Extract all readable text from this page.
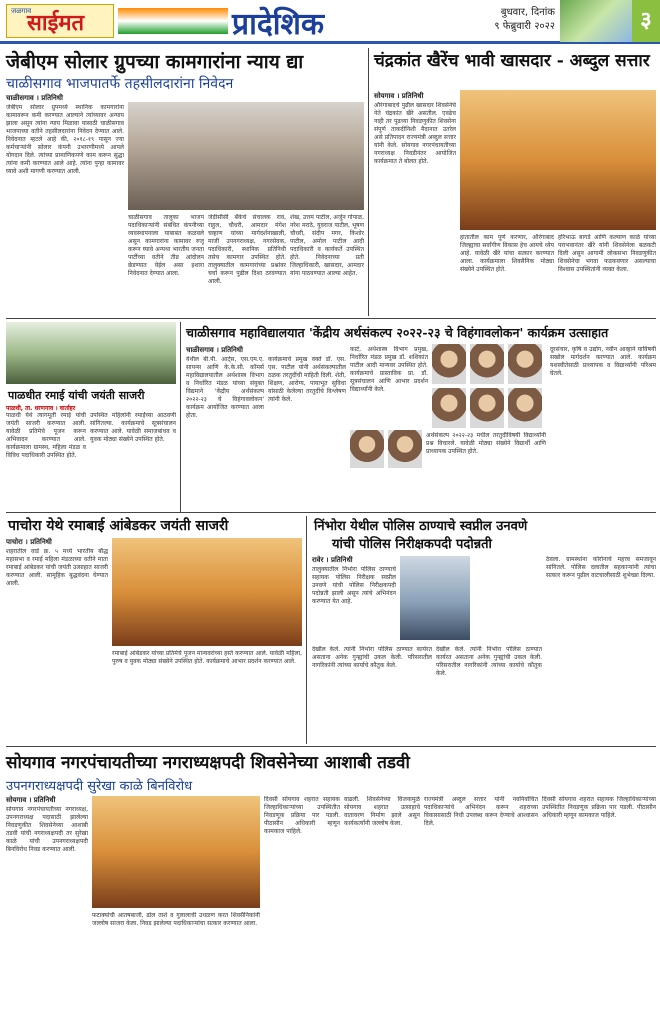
जळगाव
साईमत	प्रादेशिक	बुधवार, दिनांक
९ फेब्रुवारी २०२२	३
जेबीएम सोलार ग्रुपच्या कामगारांना न्याय द्या
चाळीसगाव भाजपातर्फे तहसीलदारांना निवेदन
चाळीसगाव । प्रतिनिधी
जेबीएम सोलार ग्रुपमध्ये स्थानिक कामगारांना कामावरून कमी करण्यात आल्याने त्यांच्यावर अन्याय झाला असून त्यांना न्याय मिळावा यासाठी चाळीसगाव भाजपाच्या वतीने तहसीलदारांना निवेदन देण्यात आले. निवेदनात म्हटले आहे की, २०१८-१९ पासून ज्या कर्मचाऱ्यांनी सोलार कंपनी उभारणीमध्ये आपले योगदान दिले. त्यांच्या प्रामाणिकपणे काम करून सुद्धा त्यांना कमी करण्यात आले आहे. त्यांना पुन्हा कामावर घ्यावे अशी मागणी करण्यात आली.
चाळीसगाव तालुका भाजप पदाधिकाऱ्यांनी संबंधित कंपनीच्या व्यवस्थापनाला याबाबत कळवले असून कामगारांना कामावर रुजू करून घ्यावे अन्यथा भारतीय जनता पार्टीच्या वतीने तीव्र आंदोलन छेडण्यात येईल असा इशारा निवेदनात देण्यात आला.
जेडीसीसी बँकेचे संचालक राव, राहुल, चौधरी, आमदार मंगेश चव्हाण यांच्या मार्गदर्शनाखाली, माजी उपनगराध्यक्ष, नगरसेवक, पदाधिकारी, स्थानिक प्रतिनिधी तसेच कामगार उपस्थित होते. तालुक्यातील कामगारांच्या प्रश्नांवर चर्चा करून पुढील दिशा ठरवण्यात आली.
शेख, उत्तम पाटील, अर्जुन गोपाळ, नरेश मराठे, युवराज पाटील, भूषण चौधरी, संदीप मगर, किशोर पाटील, अमोल पाटील आदी पदाधिकारी व कार्यकर्ते उपस्थित होते. निवेदनाच्या प्रती जिल्हाधिकारी, खासदार, आमदार यांना पाठवण्यात आल्या आहेत.
चंद्रकांत खैरेंच भावी खासदार - अब्दुल सत्तार
सोयगाव । प्रतिनिधी
औरंगाबादचे पुढील खासदार शिवसेनेचे नेते चंद्रकांत खैरे असतील. एवढेच नाही तर पुढच्या निवडणुकीत शिवसेना संपूर्ण ताकदीनिशी मैदानात उतरेल असे प्रतिपादन राज्यमंत्री अब्दुल सत्तार यांनी केले. सोयगाव नगरपंचायतीच्या नगराध्यक्ष निवडीनंतर आयोजित कार्यक्रमात ते बोलत होते.
हातातील काम पूर्ण करणार, औरंगाबाद जिल्ह्याचा सर्वांगीण विकास हेच आमचे ध्येय आहे. यावेळी खैरे यांचा सत्कार करण्यात आला. कार्यक्रमाला शिवसैनिक मोठ्या संख्येने उपस्थित होते.
हरिभाऊ बागडे आणि कल्याण काळे यांच्या पराभवानंतर खैरे यांनी शिवसेनेला बळकटी दिली असून आगामी लोकसभा निवडणुकीत शिवसेनेचा भगवा फडकवणार असल्याचा विश्वास उपस्थितांनी व्यक्त केला.
पाळधीत रमाई यांची जयंती साजरी
पाळधी, ता. धरणगाव । वार्ताहर
पाळधी येथे त्यागमूर्ती रमाई यांची जयंती साजरी करण्यात आली. यावेळी प्रतिमेचे पूजन करून अभिवादन करण्यात आले. कार्यक्रमाला ग्रामस्थ, महिला मंडळ व विविध पदाधिकारी उपस्थित होते.
उपस्थित महिलांनी रमाईंच्या आठवणी सांगितल्या. कार्यक्रमाचे सूत्रसंचालन करण्यात आले. यावेळी समाजबांधव व युवक मोठ्या संख्येने उपस्थित होते.
चाळीसगाव महाविद्यालयात 'केंद्रीय अर्थसंकल्प २०२२-२३ चे विहंगावलोकन' कार्यक्रम उत्साहात
चाळीसगाव । प्रतिनिधी
येथील बी.पी. आर्ट्स, एस.एम.ए. सायन्स आणि के.के.सी. कॉमर्स महाविद्यालयातील अर्थशास्त्र विभाग व निर्धारित मंडळ यांच्या संयुक्त विद्यमाने 'केंद्रीय अर्थसंकल्प २०२२-२३ चे विहंगावलोकन' कार्यक्रम आयोजित करण्यात आला होता.
कार्यक्रमाचे प्रमुख वक्ते डॉ. एस. एस. पाटील यांनी अर्थसंकल्पातील ठळक तरतुदींची माहिती दिली. शेती, शिक्षण, आरोग्य, पायाभूत सुविधा यांसाठी केलेल्या तरतुदींचे विश्लेषण त्यांनी केले.
काटे, अर्थशास्त्र विभाग प्रमुख, निर्धारित मंडळ प्रमुख डॉ. शशिकांत पाटील आदी मान्यवर उपस्थित होते. कार्यक्रमाचे प्रास्ताविक प्रा. डॉ. सूत्रसंचालन आणि आभार प्रदर्शन विद्यार्थ्यांनी केले.
अर्थसंकल्प २०२२-२३ मधील तरतुदींविषयी विद्यार्थ्यांनी प्रश्न विचारले. यावेळी मोठ्या संख्येने विद्यार्थी आणि प्राध्यापक उपस्थित होते.
दूरसंचार, कृषि व उद्योग, नवीन आव्हाने याविषयी सखोल मार्गदर्शन करण्यात आले. कार्यक्रम यशस्वीतेसाठी प्राध्यापक व विद्यार्थ्यांनी परिश्रम घेतले.
पाचोरा येथे रमाबाई आंबेडकर जयंती साजरी
पाचोरा । प्रतिनिधी
शहरातील वार्ड क्र. ५ मध्ये भारतीय बौद्ध महासभा व रमाई महिला मंडळाच्या वतीने माता रमाबाई आंबेडकर यांची जयंती उत्साहात साजरी करण्यात आली. सामूहिक बुद्धवंदना घेण्यात आली.
रमाबाई आंबेडकर यांच्या प्रतिमेचे पूजन मान्यवरांच्या हस्ते करण्यात आले. यावेळी महिला, पुरुष व युवक मोठ्या संख्येने उपस्थित होते. कार्यक्रमाचे आभार प्रदर्शन करण्यात आले.
निंभोरा येथील पोलिस ठाण्याचे स्वप्नील उनवणे
यांची पोलिस निरीक्षकपदी पदोन्नती
रावेर । प्रतिनिधी
तालुक्यातील निंभोरा पोलिस ठाण्याचे सहायक पोलिस निरीक्षक स्वप्नील उनवणे यांची पोलिस निरीक्षकपदी पदोन्नती झाली असून त्यांचे अभिनंदन करण्यात येत आहे.
देखील केले. त्यांनी निंभोरा पोलिस ठाण्यात कार्यरत असताना अनेक गुन्ह्यांची उकल केली. परिसरातील नागरिकांनी त्यांच्या कार्याचे कौतुक केले.
देखील केले. त्यांनी निंभोरा पोलिस ठाण्यात कार्यरत असताना अनेक गुन्ह्यांची उकल केली. परिसरातील नागरिकांनी त्यांच्या कार्याचे कौतुक केले.
ठेवला. ग्रामस्थांना कोरोनाचे महत्त्व समजावून सांगितले. पोलिस दलातील सहकाऱ्यांनी त्यांचा सत्कार करून पुढील वाटचालीसाठी शुभेच्छा दिल्या.
सोयगाव नगरपंचायतीच्या नगराध्यक्षपदी शिवसेनेच्या आशाबी तडवी
उपनगराध्यक्षपदी सुरेखा काळे बिनविरोध
सोयगाव । प्रतिनिधी
सोयगाव नगरपंचायतीच्या नगराध्यक्ष, उपनगराध्यक्ष पदासाठी झालेल्या निवडणुकीत शिवसेनेच्या आशाबी तडवी यांची नगराध्यक्षपदी तर सुरेखा काळे यांची उपनगराध्यक्षपदी बिनविरोध निवड करण्यात आली.
फटाक्यांची आतषबाजी, ढोल ताशे व गुलालाची उधळण करत शिवसैनिकांनी जल्लोष साजरा केला. निवड झालेल्या पदाधिकाऱ्यांचा सत्कार करण्यात आला.
दिवसी सोयगाव शहरात सहायक जिल्हाधिकाऱ्यांच्या उपस्थितीत निवडणूक प्रक्रिया पार पडली. पीठासीन अधिकारी म्हणून कामकाज पाहिले.
वाढली. शिवसेनेच्या विजयामुळे सोयगाव शहरात उत्साहाचे वातावरण निर्माण झाले असून कार्यकर्त्यांनी जल्लोष केला.
राज्यमंत्री अब्दुल सत्तार यांनी नवनिर्वाचित पदाधिकाऱ्यांचे अभिनंदन करून शहराच्या विकासासाठी निधी उपलब्ध करून देण्याचे आश्वासन दिले.
दिवसी सोयगाव शहरात सहायक जिल्हाधिकाऱ्यांच्या उपस्थितीत निवडणूक प्रक्रिया पार पडली. पीठासीन अधिकारी म्हणून कामकाज पाहिले.
